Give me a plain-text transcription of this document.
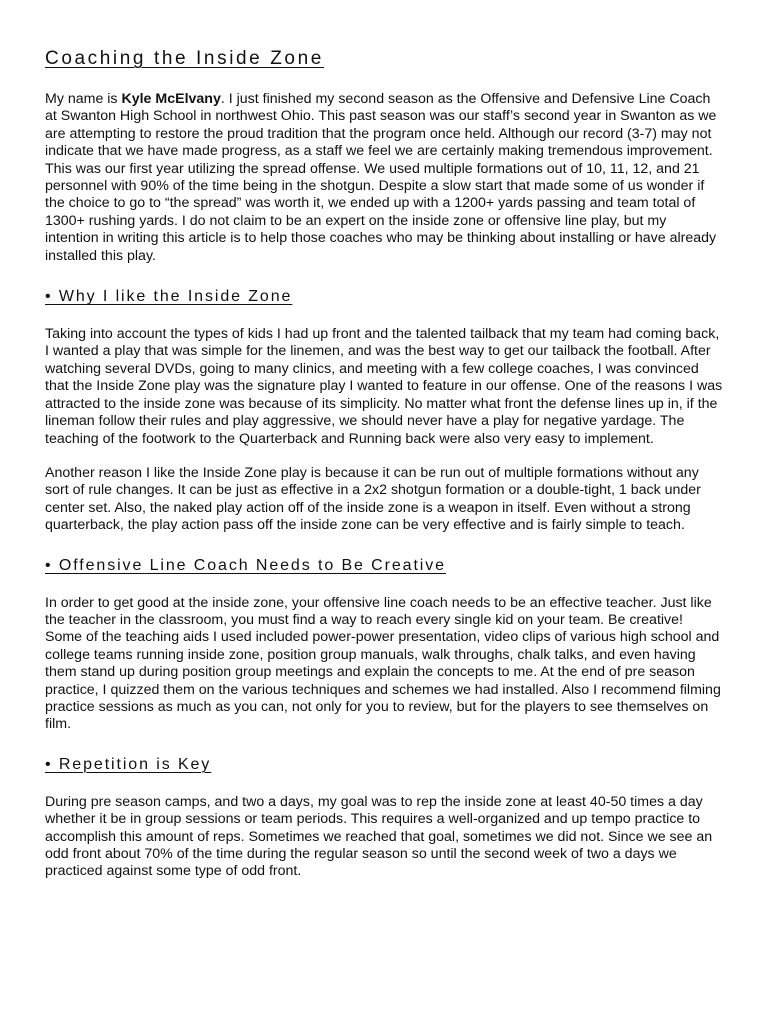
Coaching the Inside Zone

My name is Kyle McElvany. I just finished my second season as the Offensive and Defensive Line Coach at Swanton High School in northwest Ohio. This past season was our staff’s second year in Swanton as we are attempting to restore the proud tradition that the program once held. Although our record (3-7) may not indicate that we have made progress, as a staff we feel we are certainly making tremendous improvement. This was our first year utilizing the spread offense. We used multiple formations out of 10, 11, 12, and 21 personnel with 90% of the time being in the shotgun. Despite a slow start that made some of us wonder if the choice to go to “the spread” was worth it, we ended up with a 1200+ yards passing and team total of 1300+ rushing yards. I do not claim to be an expert on the inside zone or offensive line play, but my intention in writing this article is to help those coaches who may be thinking about installing or have already installed this play.

• Why I like the Inside Zone

Taking into account the types of kids I had up front and the talented tailback that my team had coming back, I wanted a play that was simple for the linemen, and was the best way to get our tailback the football. After watching several DVDs, going to many clinics, and meeting with a few college coaches, I was convinced that the Inside Zone play was the signature play I wanted to feature in our offense. One of the reasons I was attracted to the inside zone was because of its simplicity. No matter what front the defense lines up in, if the lineman follow their rules and play aggressive, we should never have a play for negative yardage. The teaching of the footwork to the Quarterback and Running back were also very easy to implement.

Another reason I like the Inside Zone play is because it can be run out of multiple formations without any sort of rule changes. It can be just as effective in a 2x2 shotgun formation or a double-tight, 1 back under center set. Also, the naked play action off of the inside zone is a weapon in itself. Even without a strong quarterback, the play action pass off the inside zone can be very effective and is fairly simple to teach.

• Offensive Line Coach Needs to Be Creative

In order to get good at the inside zone, your offensive line coach needs to be an effective teacher. Just like the teacher in the classroom, you must find a way to reach every single kid on your team. Be creative! Some of the teaching aids I used included power-power presentation, video clips of various high school and college teams running inside zone, position group manuals, walk throughs, chalk talks, and even having them stand up during position group meetings and explain the concepts to me. At the end of pre season practice, I quizzed them on the various techniques and schemes we had installed. Also I recommend filming practice sessions as much as you can, not only for you to review, but for the players to see themselves on film.

• Repetition is Key

During pre season camps, and two a days, my goal was to rep the inside zone at least 40-50 times a day whether it be in group sessions or team periods. This requires a well-organized and up tempo practice to accomplish this amount of reps. Sometimes we reached that goal, sometimes we did not. Since we see an odd front about 70% of the time during the regular season so until the second week of two a days we practiced against some type of odd front.
